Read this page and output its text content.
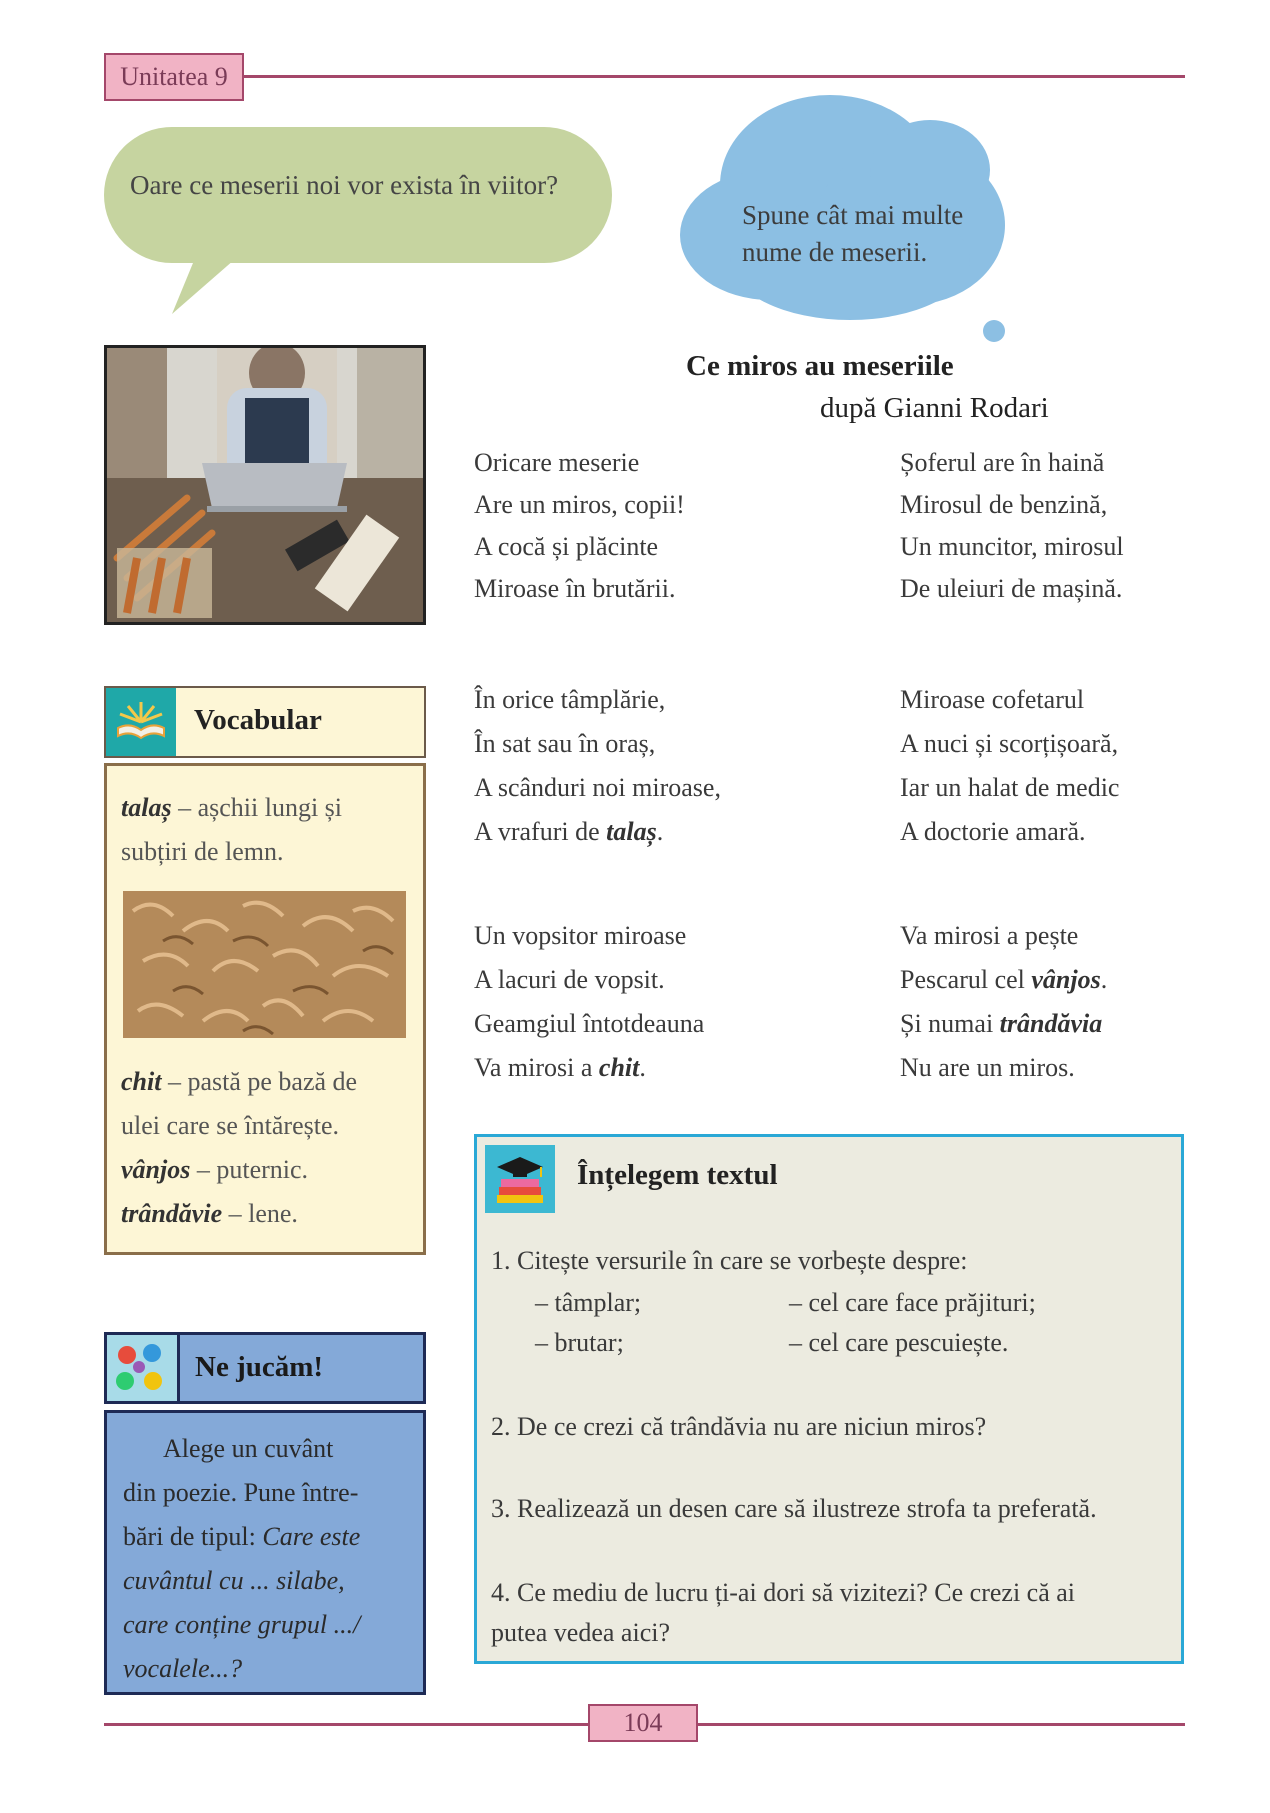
Unitatea 9
Oare ce meserii noi vor exista în viitor?
Spune cât mai multe
nume de meserii.
Ce miros au meseriile
după Gianni Rodari
Oricare meserie
Are un miros, copii!
A cocă și plăcinte
Miroase în brutării.
Șoferul are în haină
Mirosul de benzină,
Un muncitor, mirosul
De uleiuri de mașină.
În orice tâmplărie,
În sat sau în oraș,
A scânduri noi miroase,
A vrafuri de talaș.
Miroase cofetarul
A nuci și scorțișoară,
Iar un halat de medic
A doctorie amară.
Un vopsitor miroase
A lacuri de vopsit.
Geamgiul întotdeauna
Va mirosi a chit.
Va mirosi a pește
Pescarul cel vânjos.
Și numai trândăvia
Nu are un miros.
Vocabular
talaș – așchii lungi și
subțiri de lemn.
chit – pastă pe bază de
ulei care se întărește.
vânjos – puternic.
trândăvie – lene.
Ne jucăm!
Alege un cuvânt
din poezie. Pune între-
bări de tipul: Care este
cuvântul cu ... silabe,
care conține grupul .../
vocalele...?
Înțelegem textul
1. Citește versurile în care se vorbește despre:
– tâmplar;	– cel care face prăjituri;
– brutar;	– cel care pescuiește.
2. De ce crezi că trândăvia nu are niciun miros?
3. Realizează un desen care să ilustreze strofa ta preferată.
4. Ce mediu de lucru ți-ai dori să vizitezi? Ce crezi că ai
putea vedea aici?
104
